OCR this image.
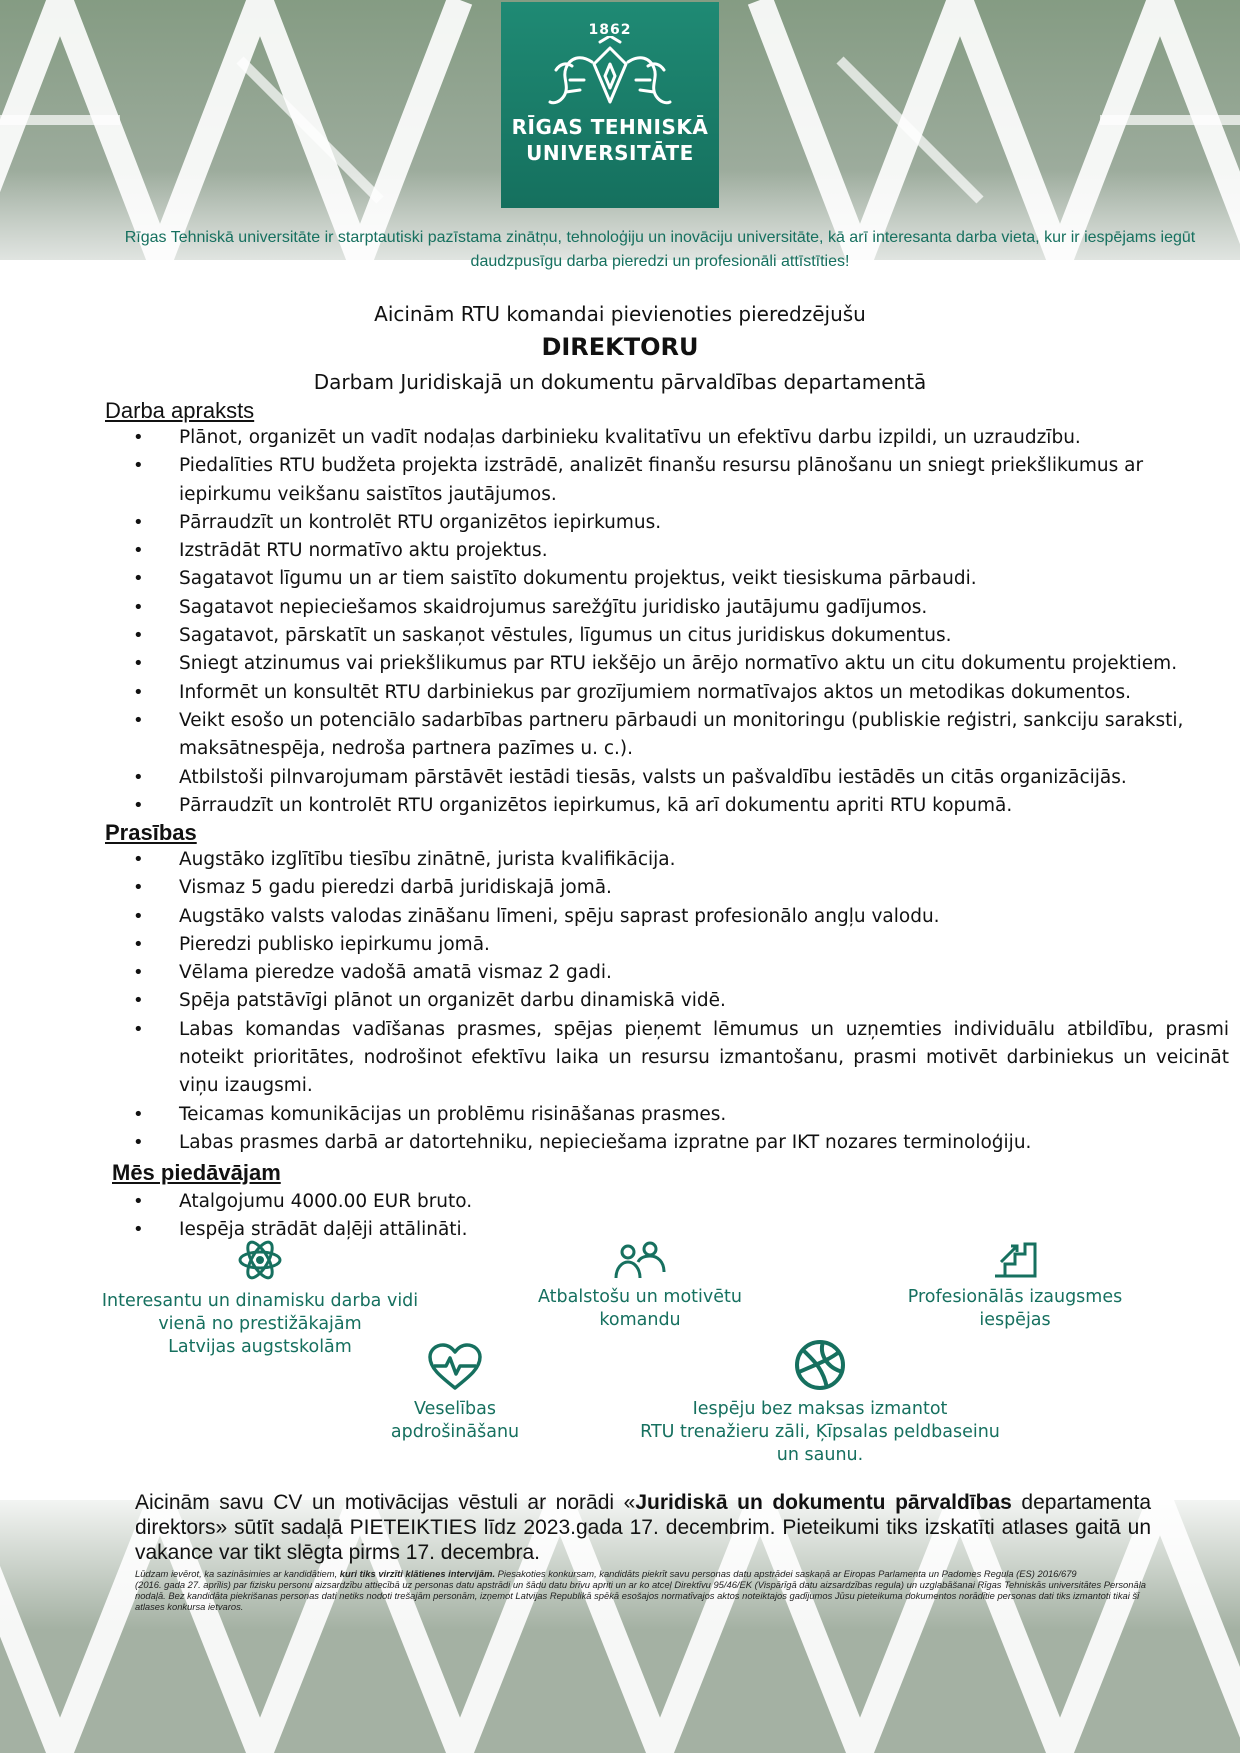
1862
RĪGAS TEHNISKĀ
UNIVERSITĀTE
Rīgas Tehniskā universitāte ir starptautiski pazīstama zinātņu, tehnoloģiju un inovāciju universitāte, kā arī interesanta darba vieta, kur ir iespējams iegūt daudzpusīgu darba pieredzi un profesionāli attīstīties!
Aicinām RTU komandai pievienoties pieredzējušu
DIREKTORU
Darbam Juridiskajā un dokumentu pārvaldības departamentā
Darba apraksts
• Plānot, organizēt un vadīt nodaļas darbinieku kvalitatīvu un efektīvu darbu izpildi, un uzraudzību.
• Piedalīties RTU budžeta projekta izstrādē, analizēt finanšu resursu plānošanu un sniegt priekšlikumus ar iepirkumu veikšanu saistītos jautājumos.
• Pārraudzīt un kontrolēt RTU organizētos iepirkumus.
• Izstrādāt RTU normatīvo aktu projektus.
• Sagatavot līgumu un ar tiem saistīto dokumentu projektus, veikt tiesiskuma pārbaudi.
• Sagatavot nepieciešamos skaidrojumus sarežģītu juridisko jautājumu gadījumos.
• Sagatavot, pārskatīt un saskaņot vēstules, līgumus un citus juridiskus dokumentus.
• Sniegt atzinumus vai priekšlikumus par RTU iekšējo un ārējo normatīvo aktu un citu dokumentu projektiem.
• Informēt un konsultēt RTU darbiniekus par grozījumiem normatīvajos aktos un metodikas dokumentos.
• Veikt esošo un potenciālo sadarbības partneru pārbaudi un monitoringu (publiskie reģistri, sankciju saraksti, maksātnespēja, nedroša partnera pazīmes u. c.).
• Atbilstoši pilnvarojumam pārstāvēt iestādi tiesās, valsts un pašvaldību iestādēs un citās organizācijās.
• Pārraudzīt un kontrolēt RTU organizētos iepirkumus, kā arī dokumentu apriti RTU kopumā.
Prasības
• Augstāko izglītību tiesību zinātnē, jurista kvalifikācija.
• Vismaz 5 gadu pieredzi darbā juridiskajā jomā.
• Augstāko valsts valodas zināšanu līmeni, spēju saprast profesionālo angļu valodu.
• Pieredzi publisko iepirkumu jomā.
• Vēlama pieredze vadošā amatā vismaz 2 gadi.
• Spēja patstāvīgi plānot un organizēt darbu dinamiskā vidē.
• Labas komandas vadīšanas prasmes, spējas pieņemt lēmumus un uzņemties individuālu atbildību, prasmi noteikt prioritātes, nodrošinot efektīvu laika un resursu izmantošanu, prasmi motivēt darbiniekus un veicināt viņu izaugsmi.
• Teicamas komunikācijas un problēmu risināšanas prasmes.
• Labas prasmes darbā ar datortehniku, nepieciešama izpratne par IKT nozares terminoloģiju.
Mēs piedāvājam
• Atalgojumu 4000.00 EUR bruto.
• Iespēja strādāt daļēji attālināti.
Interesantu un dinamisku darba vidi
vienā no prestižākajām
Latvijas augstskolām
Atbalstošu un motivētu
komandu
Profesionālās izaugsmes
iespējas
Veselības
apdrošināšanu
Iespēju bez maksas izmantot
RTU trenažieru zāli, Ķīpsalas peldbaseinu
un saunu.
Aicinām savu CV un motivācijas vēstuli ar norādi «Juridiskā un dokumentu pārvaldības departamenta direktors» sūtīt sadaļā PIETEIKTIES līdz 2023.gada 17. decembrim. Pieteikumi tiks izskatīti atlases gaitā un vakance var tikt slēgta pirms 17. decembra.
Lūdzam ievērot, ka sazināsimies ar kandidātiem, kuri tiks virzīti klātienes intervijām. Piesakoties konkursam, kandidāts piekrīt savu personas datu apstrādei saskaņā ar Eiropas Parlamenta un Padomes Regula (ES) 2016/679
(2016. gada 27. aprīlis) par fizisku personu aizsardzību attiecībā uz personas datu apstrādi un šādu datu brīvu apriti un ar ko atceļ Direktīvu 95/46/EK (Vispārīgā datu aizsardzības regula) un uzglabāšanai Rīgas Tehniskās universitātes Personāla nodaļā. Bez kandidāta piekrišanas personas dati netiks nodoti trešajām personām, izņemot Latvijas Republikā spēkā esošajos normatīvajos aktos noteiktajos gadījumos Jūsu pieteikuma dokumentos norādītie personas dati tiks izmantoti tikai šī atlases konkursa ietvaros.
